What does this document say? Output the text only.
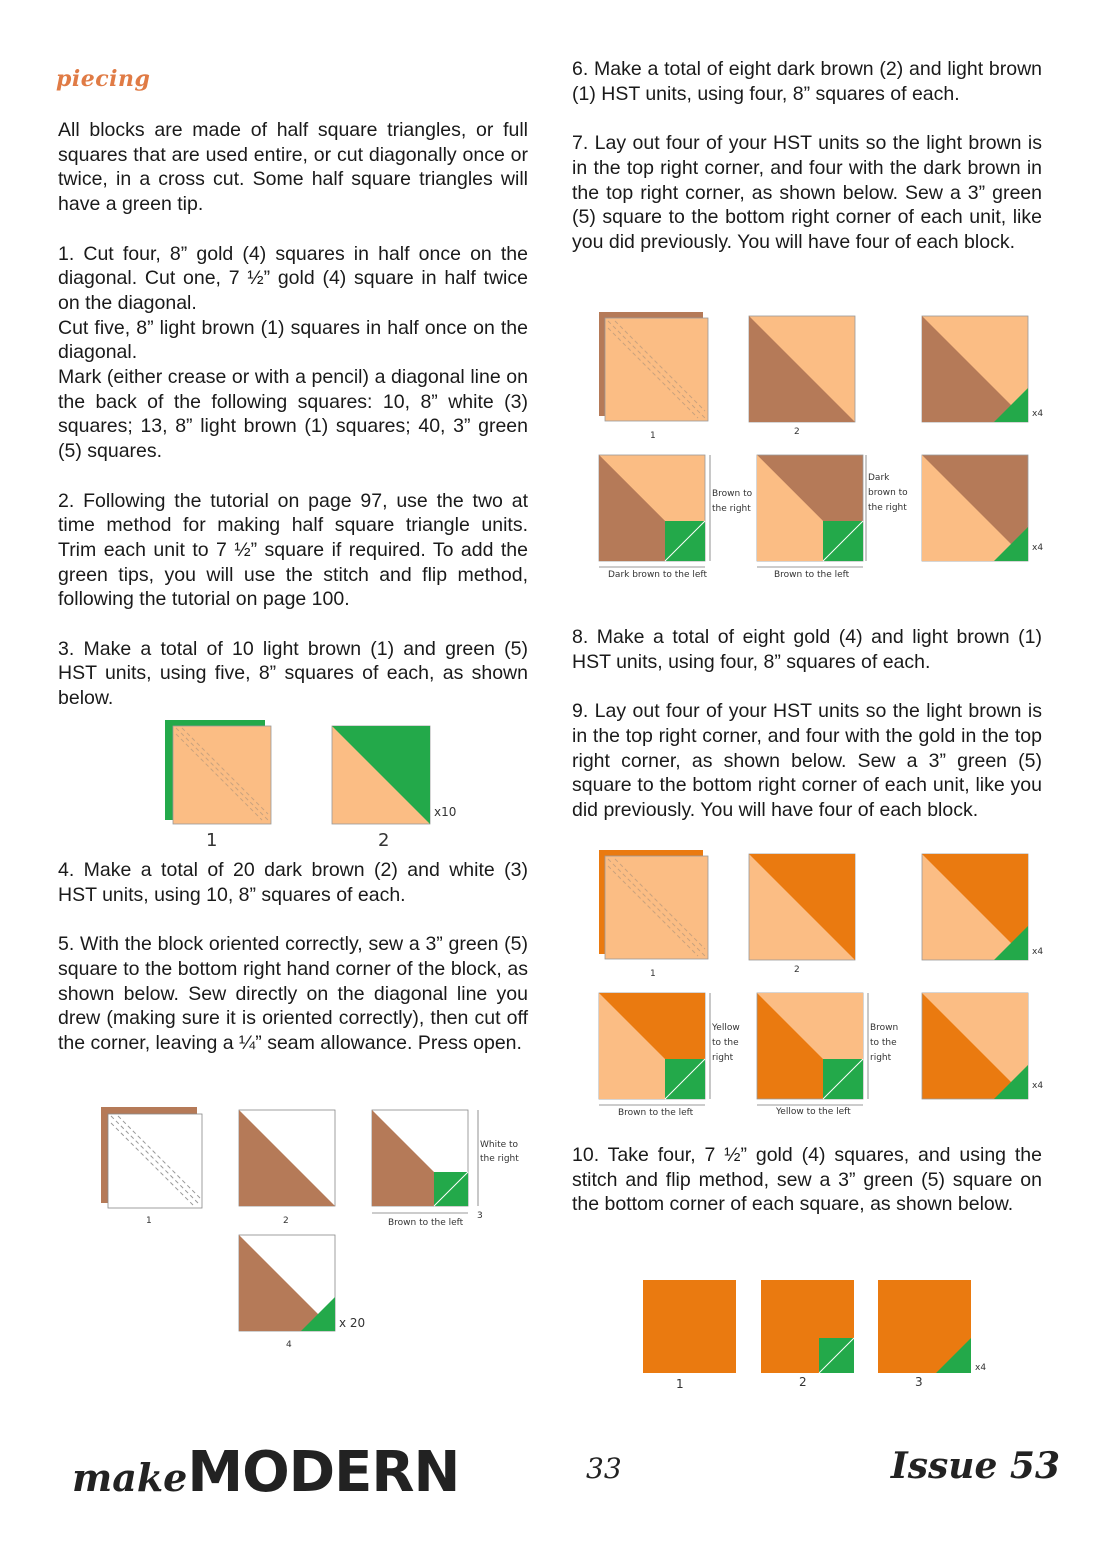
piecing

All blocks are made of half square triangles, or full squares that are used entire, or cut diagonally once or twice, in a cross cut. Some half square triangles will have a green tip.

1. Cut four, 8” gold (4) squares in half once on the diagonal. Cut one, 7 ½” gold (4) square in half twice on the diagonal.

Cut five, 8” light brown (1) squares in half once on the diagonal.

Mark (either crease or with a pencil) a diagonal line on the back of the following squares: 10, 8” white (3) squares; 13, 8” light brown (1) squares; 40, 3” green (5) squares.

2. Following the tutorial on page 97, use the two at time method for making half square triangle units. Trim each unit to 7 ½” square if required. To add the green tips, you will use the stitch and flip method, following the tutorial on page 100.

3. Make a total of 10 light brown (1) and green (5) HST units, using five, 8” squares of each, as shown below.

1	2
x10

4. Make a total of 20 dark brown (2) and white (3) HST units, using 10, 8” squares of each.

5. With the block oriented correctly, sew a 3” green (5) square to the bottom right hand corner of the block, as shown below. Sew directly on the diagonal line you drew (making sure it is oriented correctly), then cut off the corner, leaving a ¼” seam allowance. Press open.

White to
the right
Brown to the left
1	2	3
4
x 20

6. Make a total of eight dark brown (2) and light brown (1) HST units, using four, 8” squares of each.

7. Lay out four of your HST units so the light brown is in the top right corner, and four with the dark brown in the top right corner, as shown below. Sew a 3” green (5) square to the bottom right corner of each unit, like you did previously. You will have four of each block.

1	2
x4
Brown to
the right
Dark brown to the left
Dark
brown to
the right
Brown to the left
x4

8. Make a total of eight gold (4) and light brown (1) HST units, using four, 8” squares of each.

9. Lay out four of your HST units so the light brown is in the top right corner, and four with the gold in the top right corner, as shown below. Sew a 3” green (5) square to the bottom right corner of each unit, like you did previously. You will have four of each block.

1	2
x4
Yellow
to the
right
Brown to the left
Brown
to the
right
Yellow to the left
x4

10. Take four, 7 ½” gold (4) squares, and using the stitch and flip method, sew a 3” green (5) square on the bottom corner of each square, as shown below.

1	2	3
x4
makeMODERN	33	Issue 53
